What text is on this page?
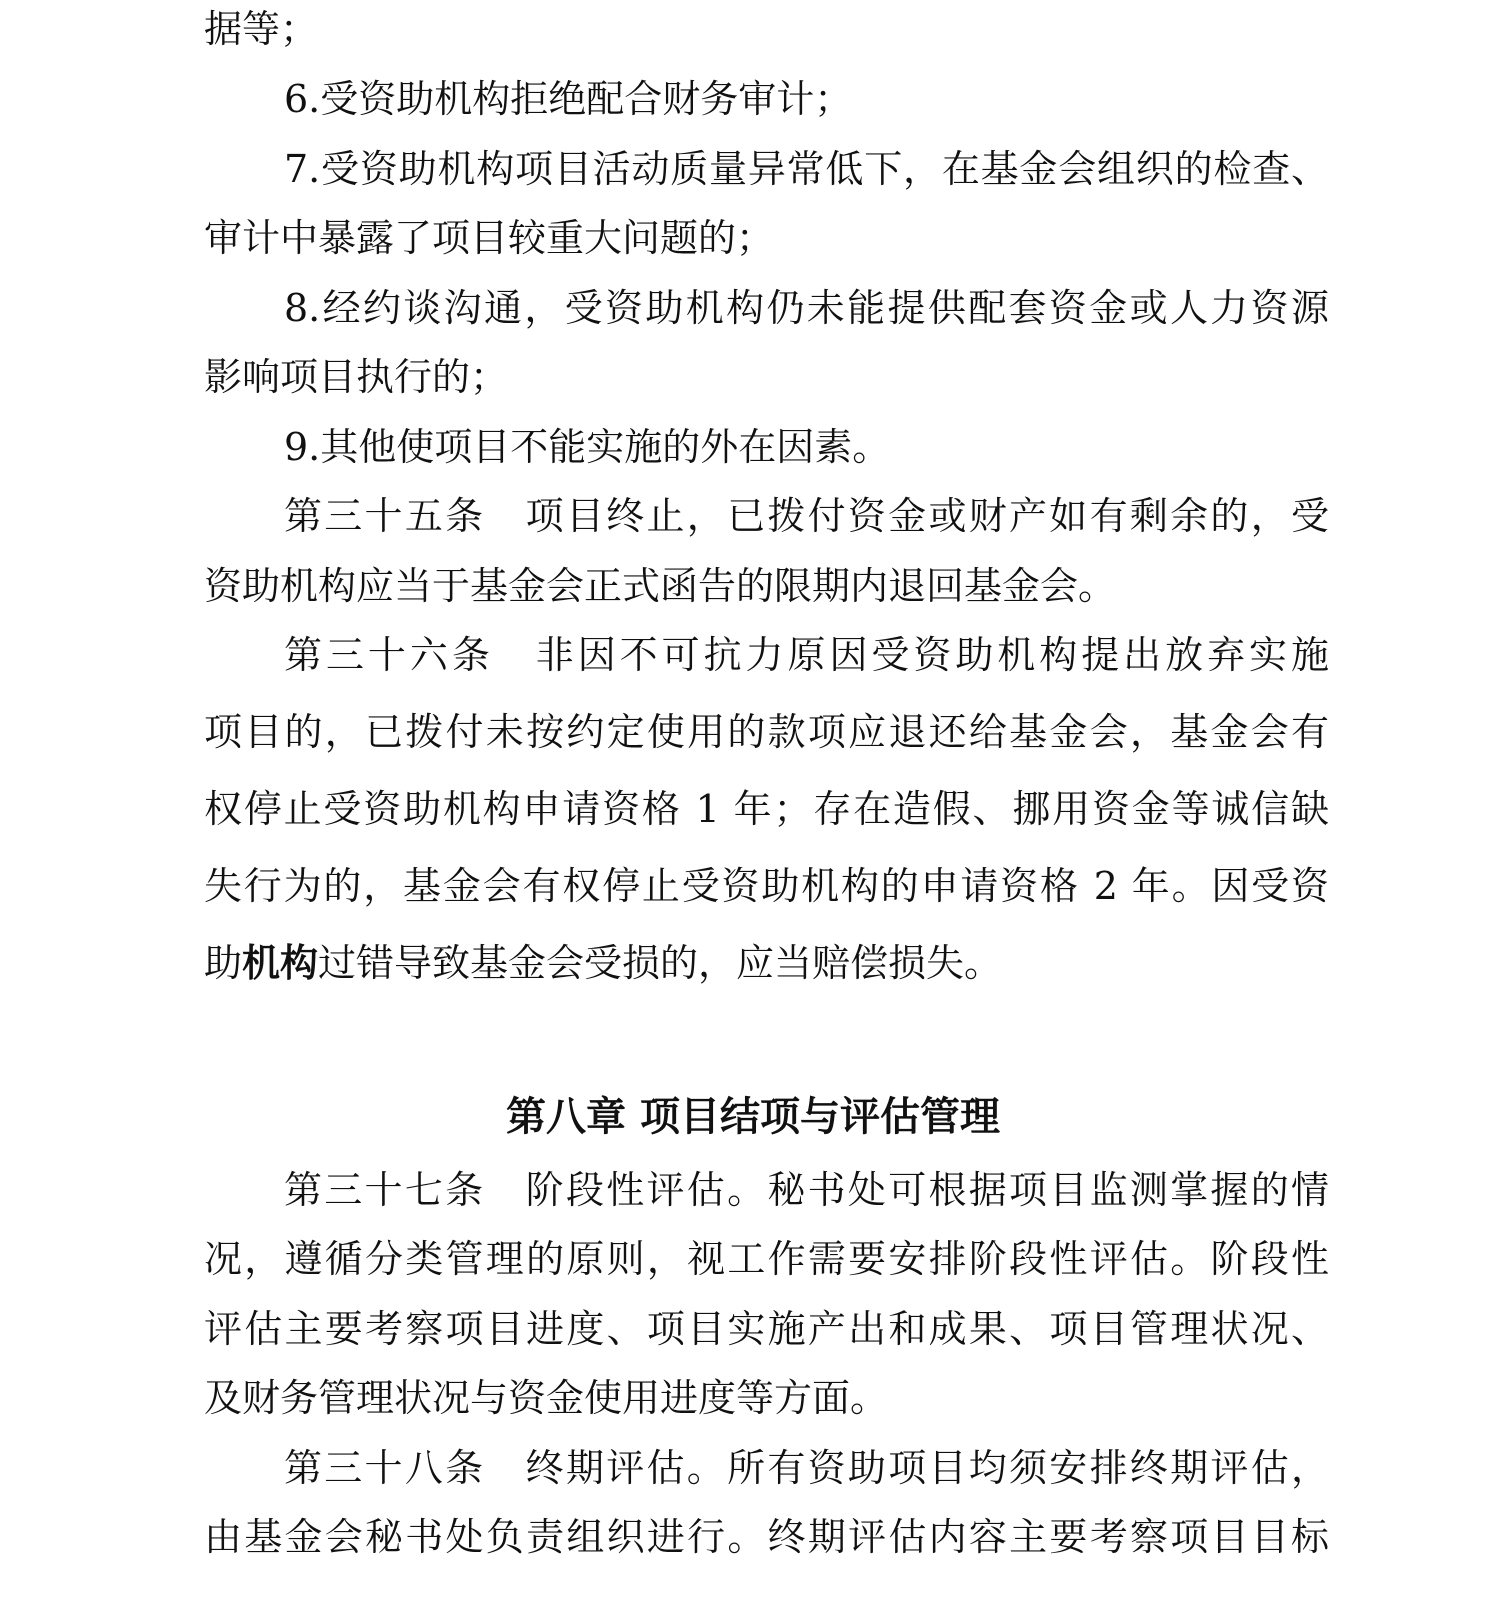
据等；
6.受资助机构拒绝配合财务审计；
7.受资助机构项目活动质量异常低下，在基金会组织的检查、
审计中暴露了项目较重大问题的；
8.经约谈沟通，受资助机构仍未能提供配套资金或人力资源
影响项目执行的；
9.其他使项目不能实施的外在因素。
第三十五条　项目终止，已拨付资金或财产如有剩余的，受
资助机构应当于基金会正式函告的限期内退回基金会。
第三十六条　非因不可抗力原因受资助机构提出放弃实施
项目的，已拨付未按约定使用的款项应退还给基金会，基金会有
权停止受资助机构申请资格 1 年；存在造假、挪用资金等诚信缺
失行为的，基金会有权停止受资助机构的申请资格 2 年。因受资
助机构过错导致基金会受损的，应当赔偿损失。
第八章 项目结项与评估管理
第三十七条　阶段性评估。秘书处可根据项目监测掌握的情
况，遵循分类管理的原则，视工作需要安排阶段性评估。阶段性
评估主要考察项目进度、项目实施产出和成果、项目管理状况、
及财务管理状况与资金使用进度等方面。
第三十八条　终期评估。所有资助项目均须安排终期评估，
由基金会秘书处负责组织进行。终期评估内容主要考察项目目标
